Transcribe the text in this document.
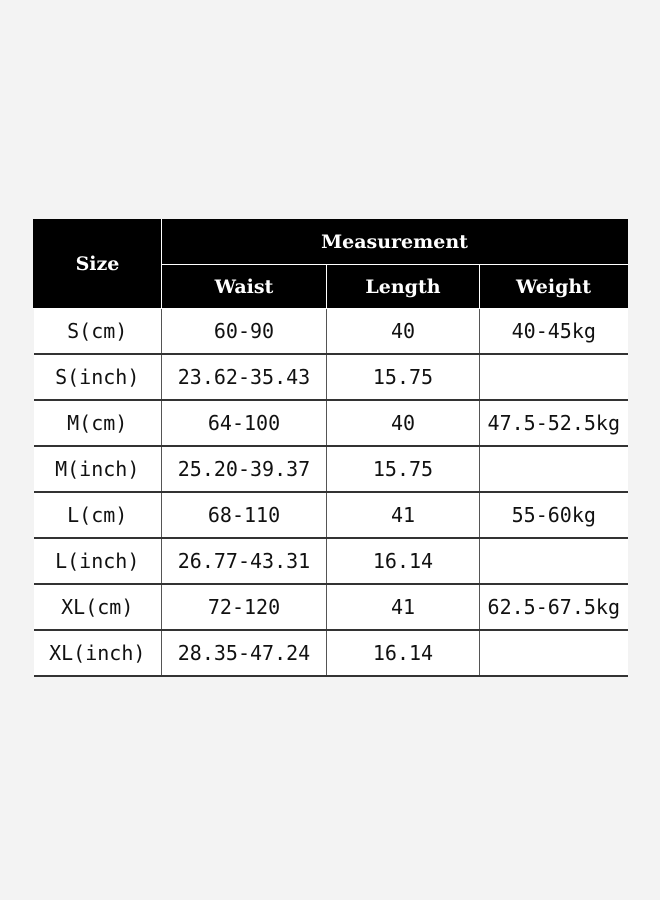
Size	Measurement		
	Waist	Length	Weight
S(cm)	60-90	40	40-45kg
S(inch)	23.62-35.43	15.75	
M(cm)	64-100	40	47.5-52.5kg
M(inch)	25.20-39.37	15.75	
L(cm)	68-110	41	55-60kg
L(inch)	26.77-43.31	16.14	
XL(cm)	72-120	41	62.5-67.5kg
XL(inch)	28.35-47.24	16.14	
